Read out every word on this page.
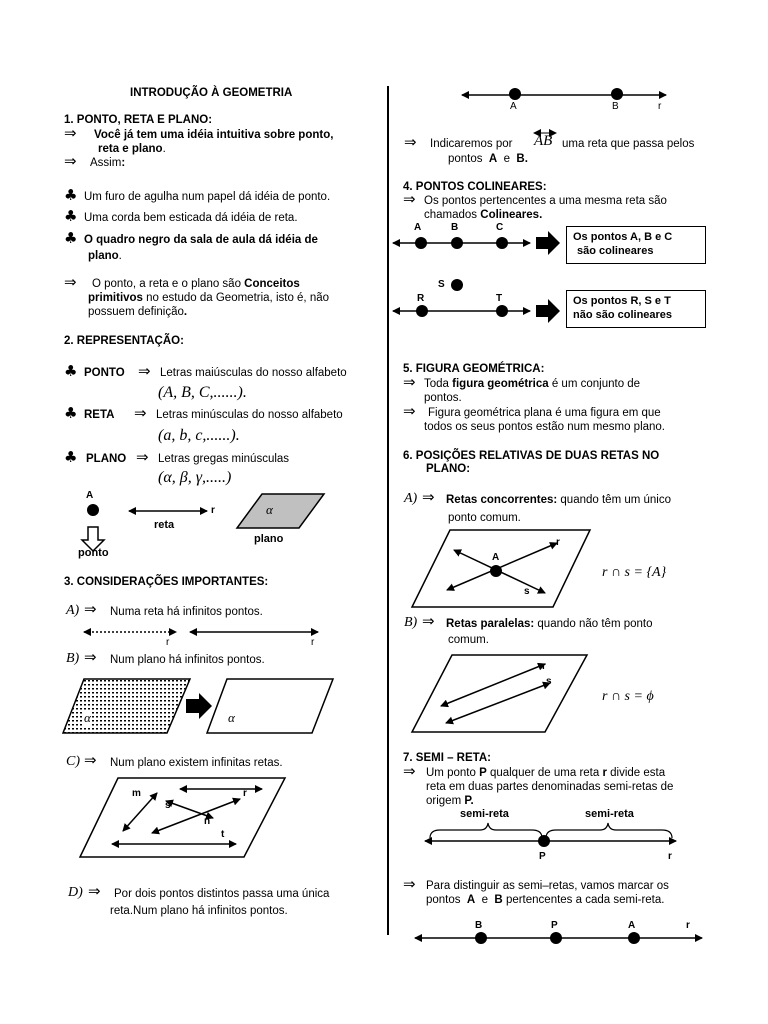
INTRODUÇÃO À GEOMETRIA
1. PONTO, RETA E PLANO:
⇒ Você já tem uma idéia intuitiva sobre ponto,
reta e plano.
⇒ Assim:
♣ Um furo de agulha num papel dá idéia de ponto.
♣ Uma corda bem esticada dá idéia de reta.
♣ O quadro negro da sala de aula dá idéia de
plano.
⇒ O ponto, a reta e o plano são Conceitos
primitivos no estudo da Geometria, isto é, não
possuem definição.
2. REPRESENTAÇÃO:
♣ PONTO ⇒ Letras maiúsculas do nosso alfabeto
(A, B, C,......).
♣ RETA ⇒ Letras minúsculas do nosso alfabeto
(a, b, c,......).
♣ PLANO ⇒ Letras gregas minúsculas
(α, β, γ,.....)
A
ponto
r
reta
α
plano
3. CONSIDERAÇÕES IMPORTANTES:
A) ⇒ Numa reta há infinitos pontos.
r	r
B) ⇒ Num plano há infinitos pontos.
α	α
C) ⇒ Num plano existem infinitas retas.
m	r
s
n
t
D) ⇒ Por dois pontos distintos passa uma única
reta.Num plano há infinitos pontos.
A	B	r
⇒ Indicaremos por AB uma reta que passa pelos
pontos A e B.
4. PONTOS COLINEARES:
⇒ Os pontos pertencentes a uma mesma reta são
chamados Colineares.
A	B	C
Os pontos A, B e C
são colineares
S
R	T	Os pontos R, S e T
não são colineares
5. FIGURA GEOMÉTRICA:
⇒ Toda figura geométrica é um conjunto de
pontos.
⇒ Figura geométrica plana é uma figura em que
todos os seus pontos estão num mesmo plano.
6. POSIÇÕES RELATIVAS DE DUAS RETAS NO
PLANO:
A) ⇒ Retas concorrentes: quando têm um único
ponto comum.
A
r
s
r ∩ s = {A}
B) ⇒ Retas paralelas: quando não têm ponto
comum.
r
s
r ∩ s = ϕ
7. SEMI – RETA:
⇒ Um ponto P qualquer de uma reta r divide esta
reta em duas partes denominadas semi-retas de
origem P.
semi-reta	semi-reta
P	r
⇒ Para distinguir as semi–retas, vamos marcar os
pontos A e B pertencentes a cada semi-reta.
B	P	A	r
